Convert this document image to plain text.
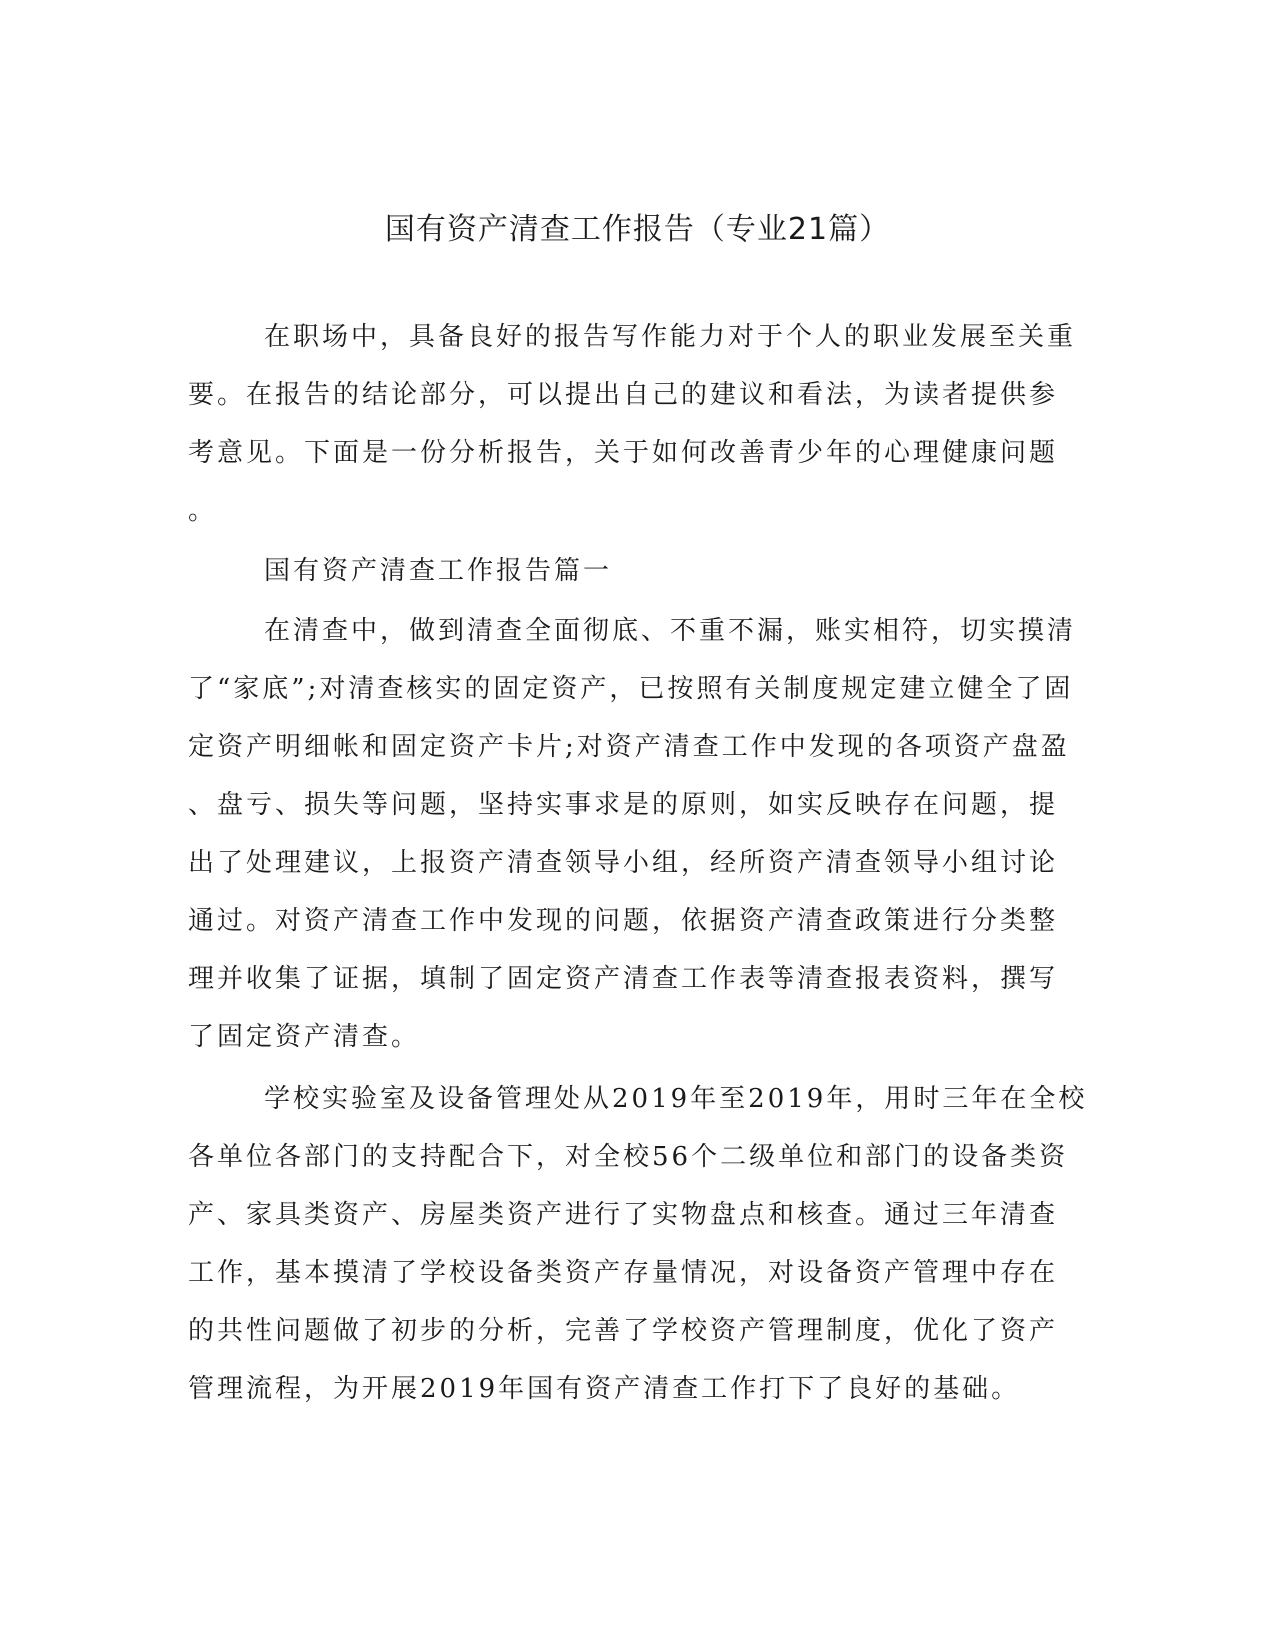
国有资产清查工作报告（专业21篇）
在职场中，具备良好的报告写作能力对于个人的职业发展至关重
要。在报告的结论部分，可以提出自己的建议和看法，为读者提供参
考意见。下面是一份分析报告，关于如何改善青少年的心理健康问题
。
国有资产清查工作报告篇一
在清查中，做到清查全面彻底、不重不漏，账实相符，切实摸清
了“家底”;对清查核实的固定资产，已按照有关制度规定建立健全了固
定资产明细帐和固定资产卡片;对资产清查工作中发现的各项资产盘盈
、盘亏、损失等问题，坚持实事求是的原则，如实反映存在问题，提
出了处理建议，上报资产清查领导小组，经所资产清查领导小组讨论
通过。对资产清查工作中发现的问题，依据资产清查政策进行分类整
理并收集了证据，填制了固定资产清查工作表等清查报表资料，撰写
了固定资产清查。
学校实验室及设备管理处从2019年至2019年，用时三年在全校
各单位各部门的支持配合下，对全校56个二级单位和部门的设备类资
产、家具类资产、房屋类资产进行了实物盘点和核查。通过三年清查
工作，基本摸清了学校设备类资产存量情况，对设备资产管理中存在
的共性问题做了初步的分析，完善了学校资产管理制度，优化了资产
管理流程，为开展2019年国有资产清查工作打下了良好的基础。
